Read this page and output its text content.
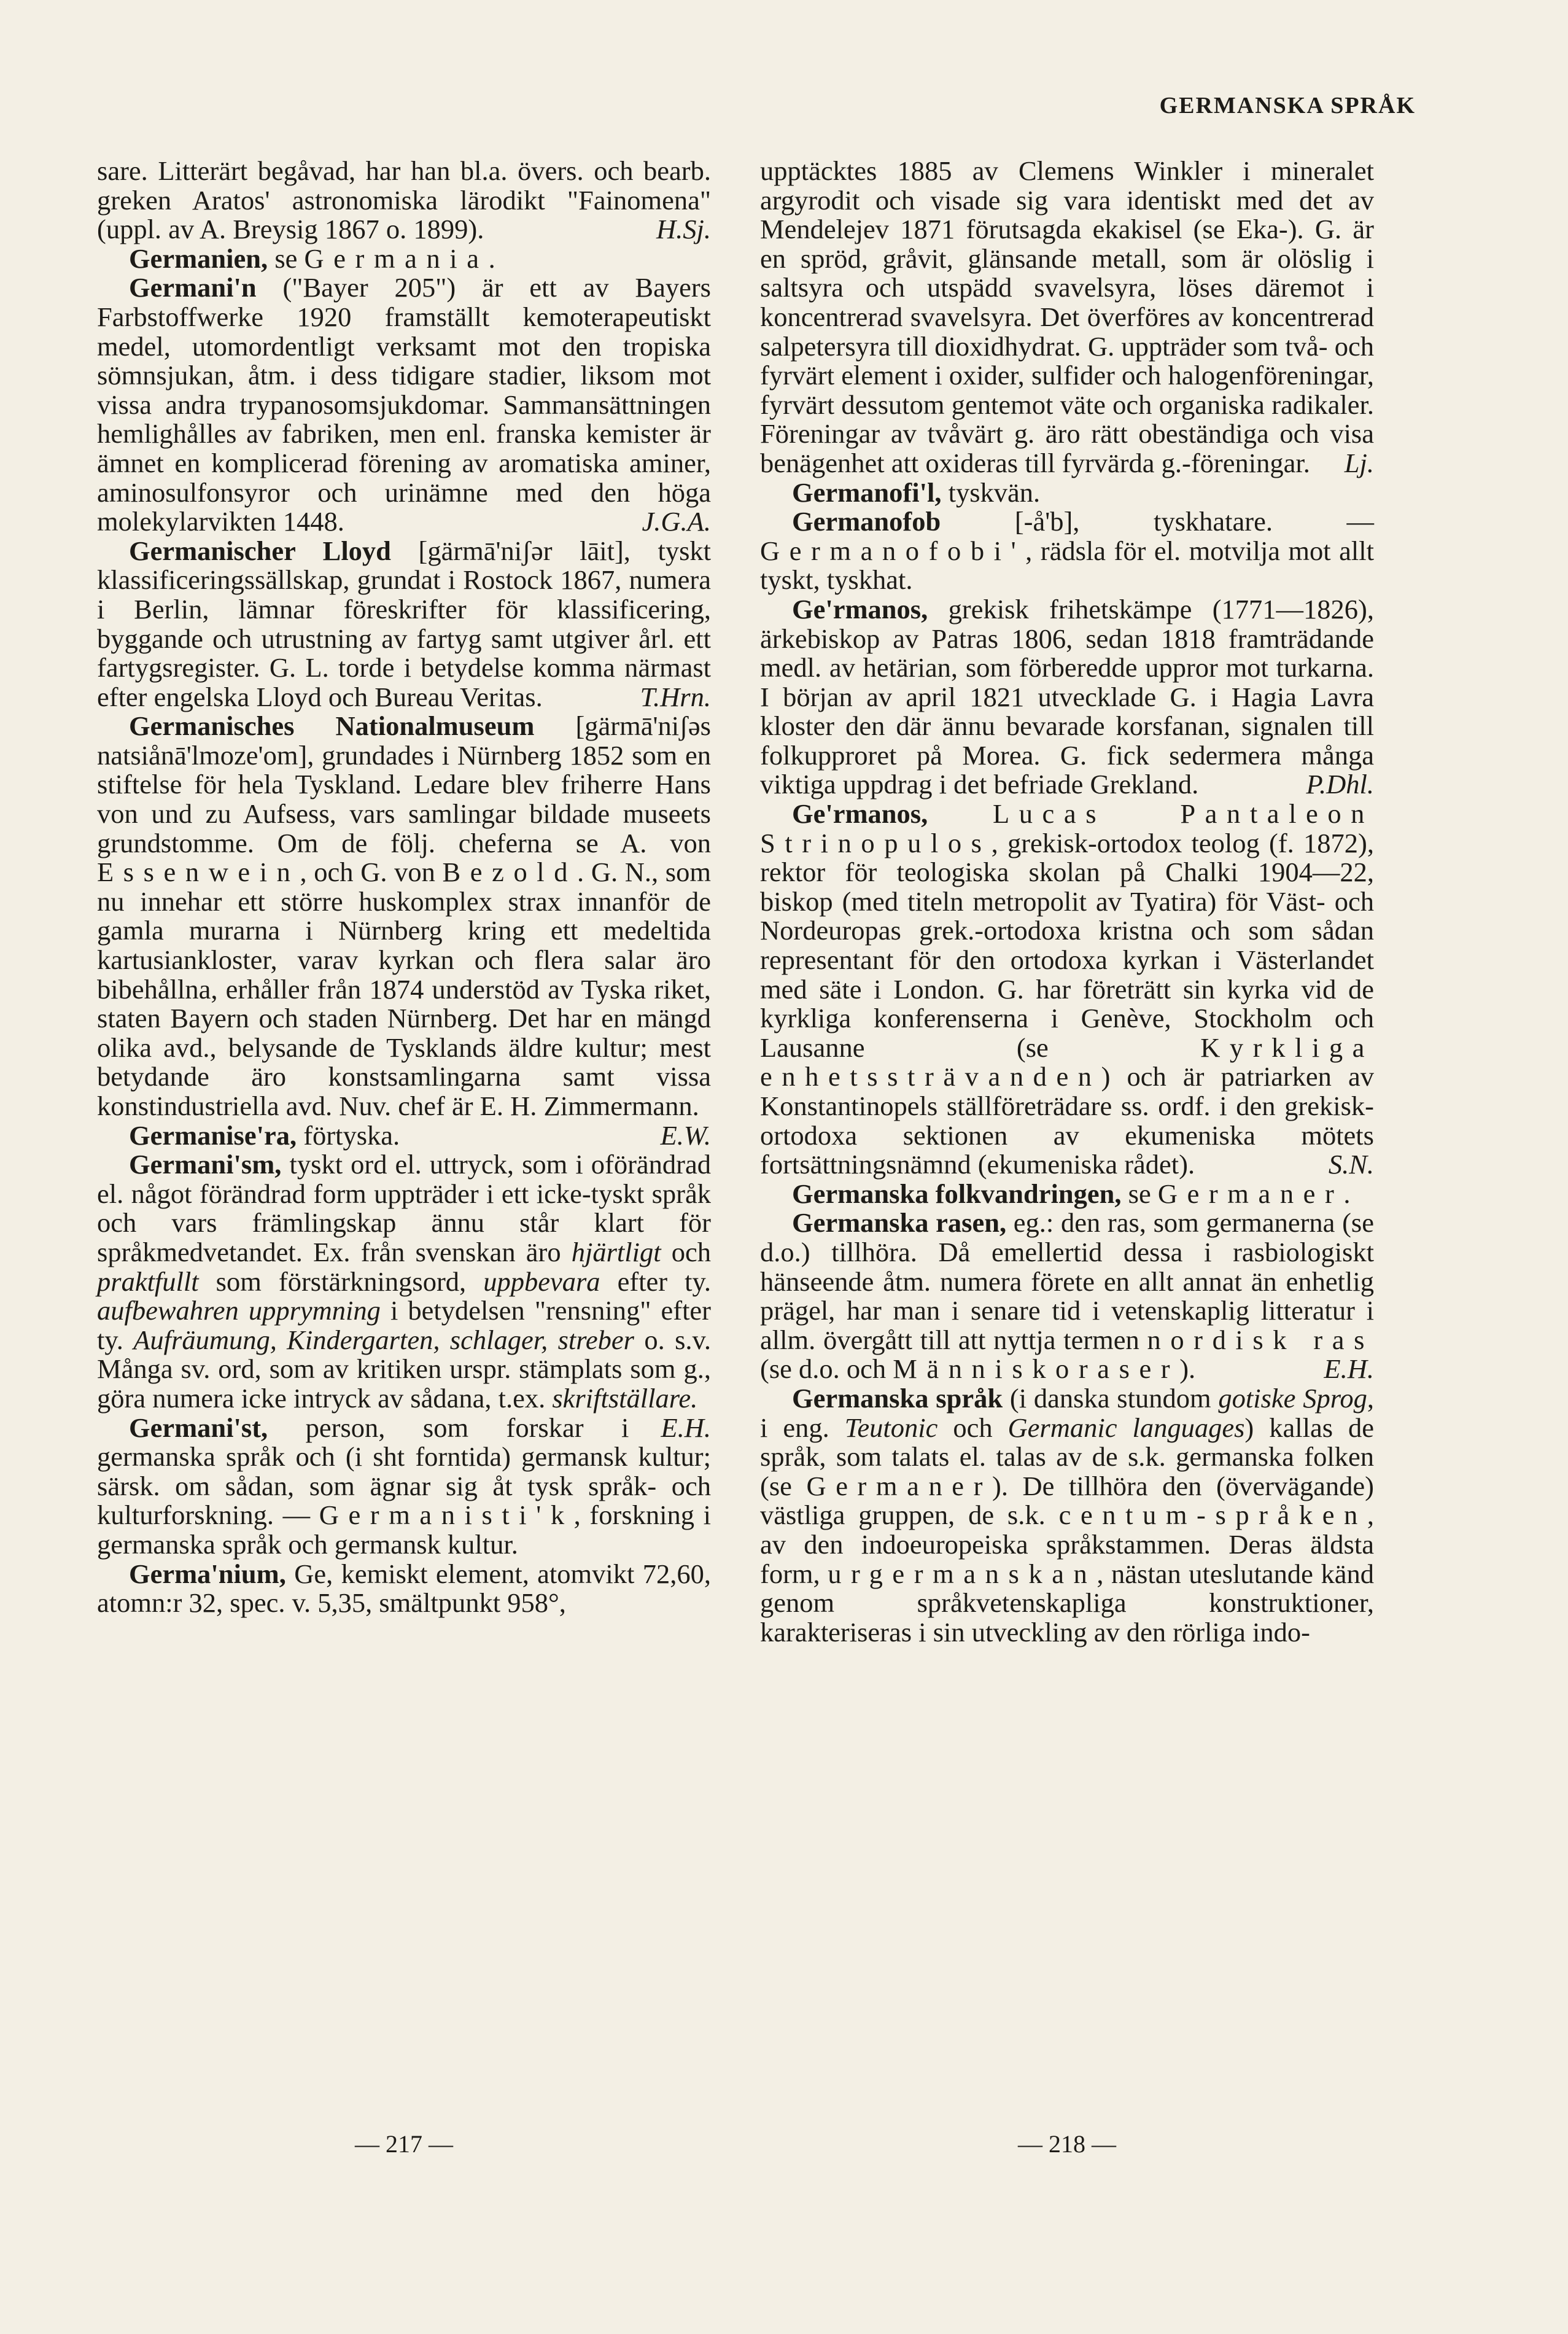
GERMANSKA SPRÅK

sare. Litterärt begåvad, har han bl.a. övers. och bearb. greken Aratos' astronomiska lärodikt "Fainomena" (uppl. av A. Breysig 1867 o. 1899).	H.Sj.

Germanien, se Germania.

Germani'n ("Bayer 205") är ett av Bayers Farbstoffwerke 1920 framställt kemoterapeutiskt medel, utomordentligt verksamt mot den tropiska sömnsjukan, åtm. i dess tidigare stadier, liksom mot vissa andra trypanosomsjukdomar. Sammansättningen hemlighålles av fabriken, men enl. franska kemister är ämnet en komplicerad förening av aromatiska aminer, aminosulfonsyror och urinämne med den höga molekylarvikten 1448.	J.G.A.

Germanischer Lloyd [gärmā'niʃər lāit], tyskt klassificeringssällskap, grundat i Rostock 1867, numera i Berlin, lämnar föreskrifter för klassificering, byggande och utrustning av fartyg samt utgiver årl. ett fartygsregister. G. L. torde i betydelse komma närmast efter engelska Lloyd och Bureau Veritas.	T.Hrn.

Germanisches Nationalmuseum [gärmā'niʃəs natsiånā'lmoze'om], grundades i Nürnberg 1852 som en stiftelse för hela Tyskland. Ledare blev friherre Hans von und zu Aufsess, vars samlingar bildade museets grundstomme. Om de följ. cheferna se A. von Essenwein, och G. von Bezold. G. N., som nu innehar ett större huskomplex strax innanför de gamla murarna i Nürnberg kring ett medeltida kartusiankloster, varav kyrkan och flera salar äro bibehållna, erhåller från 1874 understöd av Tyska riket, staten Bayern och staden Nürnberg. Det har en mängd olika avd., belysande de Tysklands äldre kultur; mest betydande äro konstsamlingarna samt vissa konstindustriella avd. Nuv. chef är E. H. Zimmermann.
E.W.

Germanise'ra, förtyska.

Germani'sm, tyskt ord el. uttryck, som i oförändrad el. något förändrad form uppträder i ett icke-tyskt språk och vars främlingskap ännu står klart för språkmedvetandet. Ex. från svenskan äro hjärtligt och praktfullt som förstärkningsord, uppbevara efter ty. aufbewahren upprymning i betydelsen "rensning" efter ty. Aufräumung, Kindergarten, schlager, streber o. s.v. Många sv. ord, som av kritiken urspr. stämplats som g., göra numera icke intryck av sådana, t.ex. skriftställare.
E.H.

Germani'st, person, som forskar i germanska språk och (i sht forntida) germansk kultur; särsk. om sådan, som ägnar sig åt tysk språk- och kulturforskning. — Germanisti'k, forskning i germanska språk och germansk kultur.

Germa'nium, Ge, kemiskt element, atomvikt 72,60, atomn:r 32, spec. v. 5,35, smältpunkt 958°,

upptäcktes 1885 av Clemens Winkler i mineralet argyrodit och visade sig vara identiskt med det av Mendelejev 1871 förutsagda ekakisel (se Eka-). G. är en spröd, gråvit, glänsande metall, som är olöslig i saltsyra och utspädd svavelsyra, löses däremot i koncentrerad svavelsyra. Det överföres av koncentrerad salpetersyra till dioxidhydrat. G. uppträder som två- och fyrvärt element i oxider, sulfider och halogenföreningar, fyrvärt dessutom gentemot väte och organiska radikaler. Föreningar av tvåvärt g. äro rätt obeständiga och visa benägenhet att oxideras till fyrvärda g.-föreningar. Lj.

Germanofi'l, tyskvän.

Germanofob [-å'b], tyskhatare. — Germanofobi', rädsla för el. motvilja mot allt tyskt, tyskhat.

Ge'rmanos, grekisk frihetskämpe (1771—1826), ärkebiskop av Patras 1806, sedan 1818 framträdande medl. av hetärian, som förberedde uppror mot turkarna. I början av april 1821 utvecklade G. i Hagia Lavra kloster den där ännu bevarade korsfanan, signalen till folkupproret på Morea. G. fick sedermera många viktiga uppdrag i det befriade Grekland.	P.Dhl.

Ge'rmanos, Lucas Pantaleon Strinopulos, grekisk-ortodox teolog (f. 1872), rektor för teologiska skolan på Chalki 1904—22, biskop (med titeln metropolit av Tyatira) för Väst- och Nordeuropas grek.-ortodoxa kristna och som sådan representant för den ortodoxa kyrkan i Västerlandet med säte i London. G. har företrätt sin kyrka vid de kyrkliga konferenserna i Genève, Stockholm och Lausanne (se Kyrkliga enhetssträvanden) och är patriarken av Konstantinopels ställföreträdare ss. ordf. i den grekisk-ortodoxa sektionen av ekumeniska mötets fortsättningsnämnd (ekumeniska rådet).	S.N.

Germanska folkvandringen, se Germaner.

Germanska rasen, eg.: den ras, som germanerna (se d.o.) tillhöra. Då emellertid dessa i rasbiologiskt hänseende åtm. numera förete en allt annat än enhetlig prägel, har man i senare tid i vetenskaplig litteratur i allm. övergått till att nyttja termen nordisk ras (se d.o. och Människoraser).	E.H.

Germanska språk (i danska stundom gotiske Sprog, i eng. Teutonic och Germanic languages) kallas de språk, som talats el. talas av de s.k. germanska folken (se Germaner). De tillhöra den (övervägande) västliga gruppen, de s.k. centum-språken, av den indoeuropeiska språkstammen. Deras äldsta form, urgermanskan, nästan uteslutande känd genom språkvetenskapliga konstruktioner, karakteriseras i sin utveckling av den rörliga indo-

— 217 —	— 218 —
